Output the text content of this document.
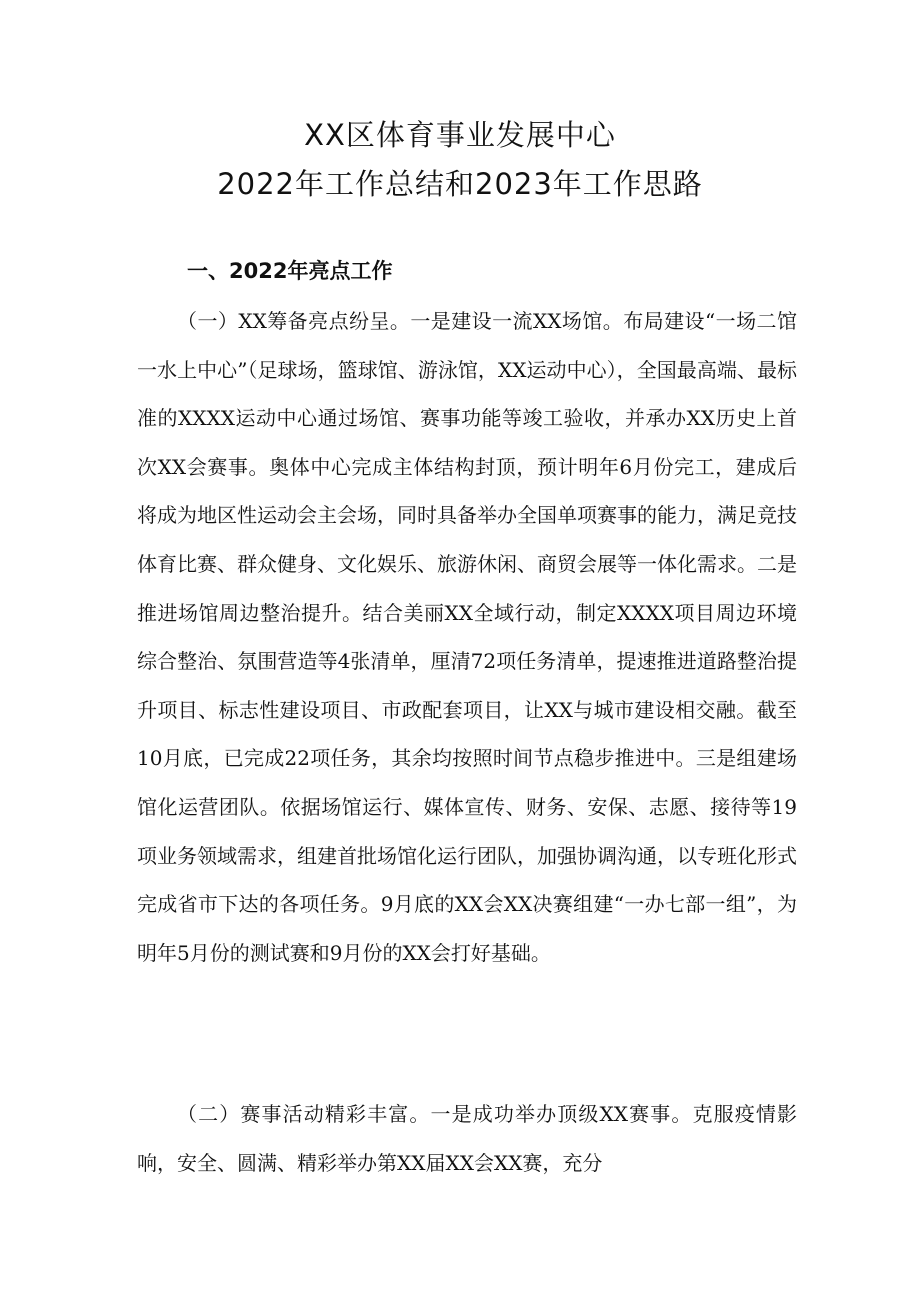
XX区体育事业发展中心
2022年工作总结和2023年工作思路
一、2022年亮点工作
（一）XX筹备亮点纷呈。一是建设一流XX场馆。布局建设“一场二馆一水上中心”（足球场，篮球馆、游泳馆，XX运动中心），全国最高端、最标准的XXXX运动中心通过场馆、赛事功能等竣工验收，并承办XX历史上首次XX会赛事。奥体中心完成主体结构封顶，预计明年6月份完工，建成后将成为地区性运动会主会场，同时具备举办全国单项赛事的能力，满足竞技体育比赛、群众健身、文化娱乐、旅游休闲、商贸会展等一体化需求。二是推进场馆周边整治提升。结合美丽XX全域行动，制定XXXX项目周边环境综合整治、氛围营造等4张清单，厘清72项任务清单，提速推进道路整治提升项目、标志性建设项目、市政配套项目，让XX与城市建设相交融。截至10月底，已完成22项任务，其余均按照时间节点稳步推进中。三是组建场馆化运营团队。依据场馆运行、媒体宣传、财务、安保、志愿、接待等19项业务领域需求，组建首批场馆化运行团队，加强协调沟通，以专班化形式完成省市下达的各项任务。9月底的XX会XX决赛组建“一办七部一组”，为明年5月份的测试赛和9月份的XX会打好基础。
（二）赛事活动精彩丰富。一是成功举办顶级XX赛事。克服疫情影响，安全、圆满、精彩举办第XX届XX会XX赛，充分
